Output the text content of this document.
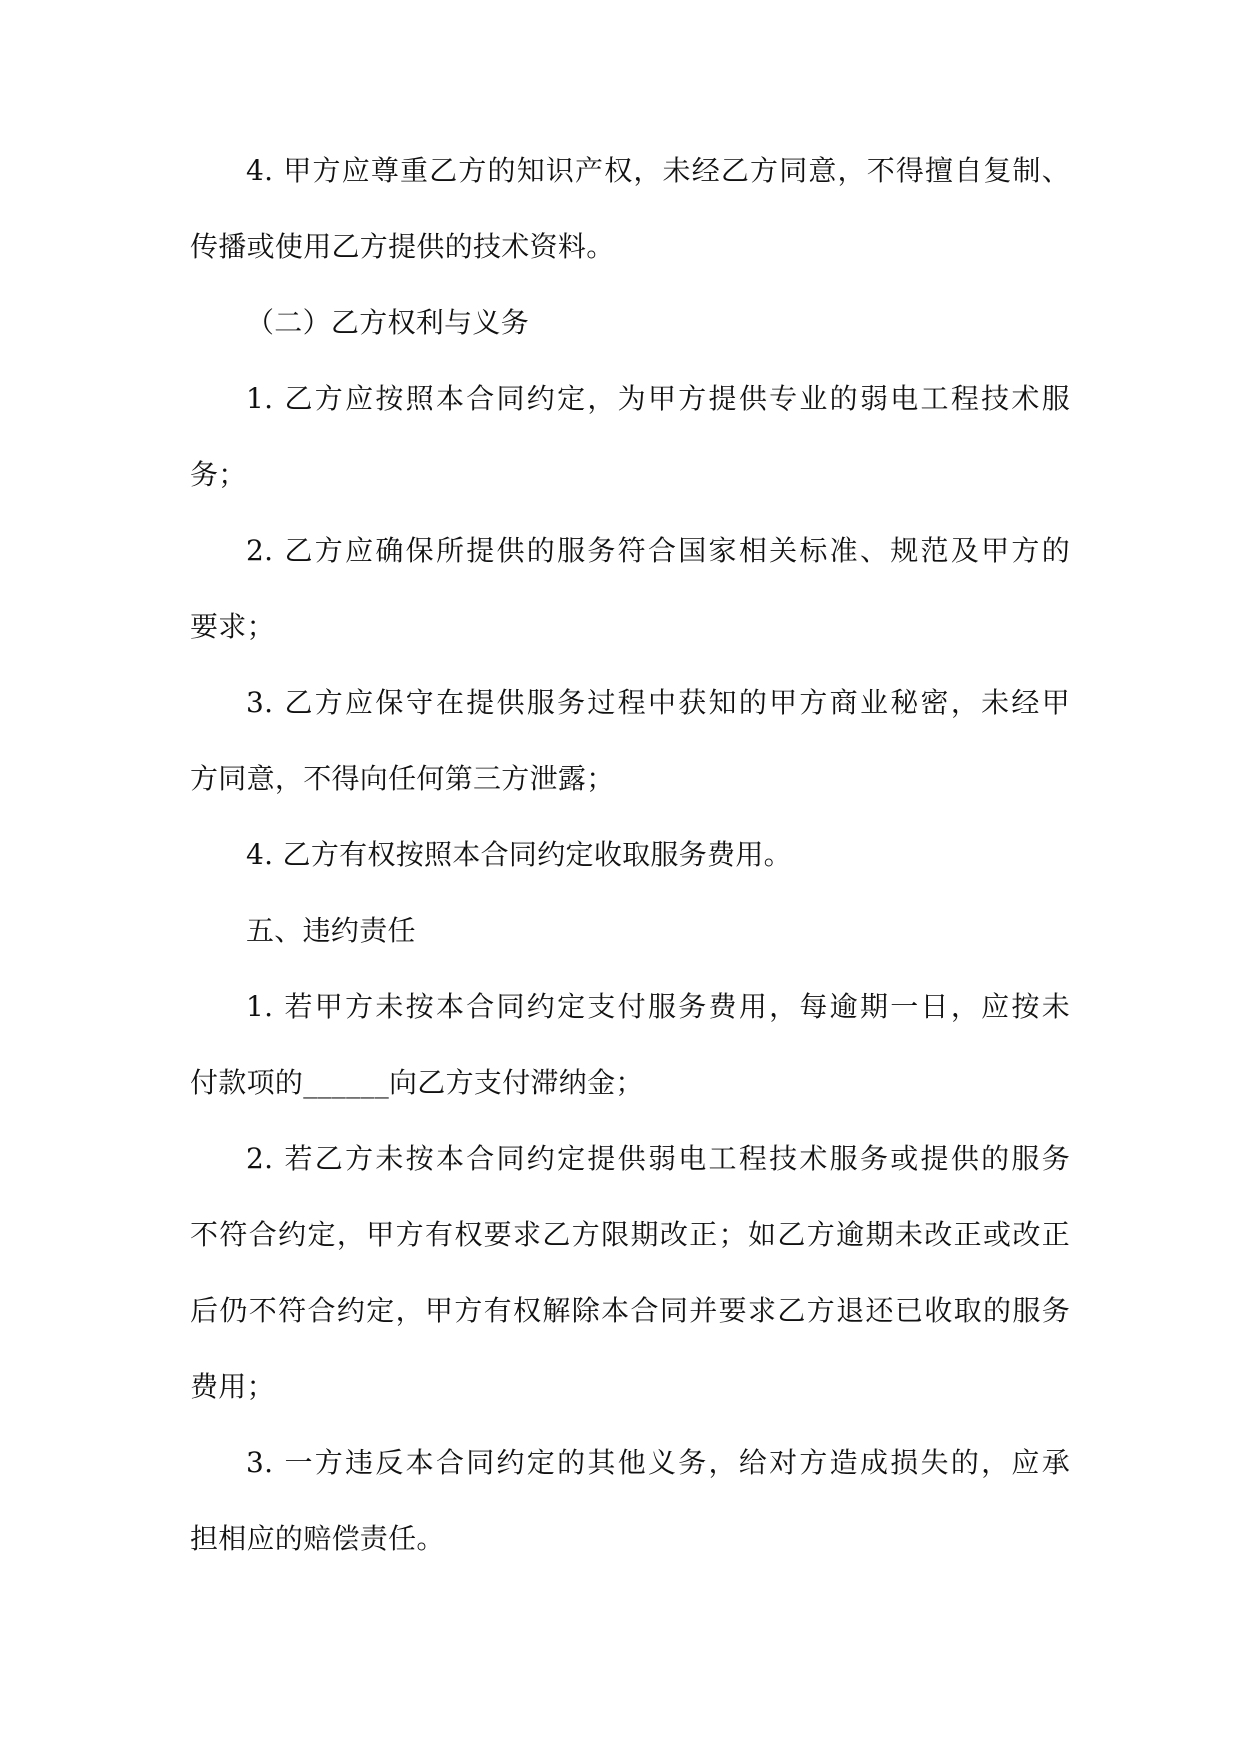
4. 甲方应尊重乙方的知识产权，未经乙方同意，不得擅自复制、
传播或使用乙方提供的技术资料。
（二）乙方权利与义务
1. 乙方应按照本合同约定，为甲方提供专业的弱电工程技术服
务；
2. 乙方应确保所提供的服务符合国家相关标准、规范及甲方的
要求；
3. 乙方应保守在提供服务过程中获知的甲方商业秘密，未经甲
方同意，不得向任何第三方泄露；
4. 乙方有权按照本合同约定收取服务费用。
五、违约责任
1. 若甲方未按本合同约定支付服务费用，每逾期一日，应按未
付款项的______向乙方支付滞纳金；
2. 若乙方未按本合同约定提供弱电工程技术服务或提供的服务
不符合约定，甲方有权要求乙方限期改正；如乙方逾期未改正或改正
后仍不符合约定，甲方有权解除本合同并要求乙方退还已收取的服务
费用；
3. 一方违反本合同约定的其他义务，给对方造成损失的，应承
担相应的赔偿责任。
